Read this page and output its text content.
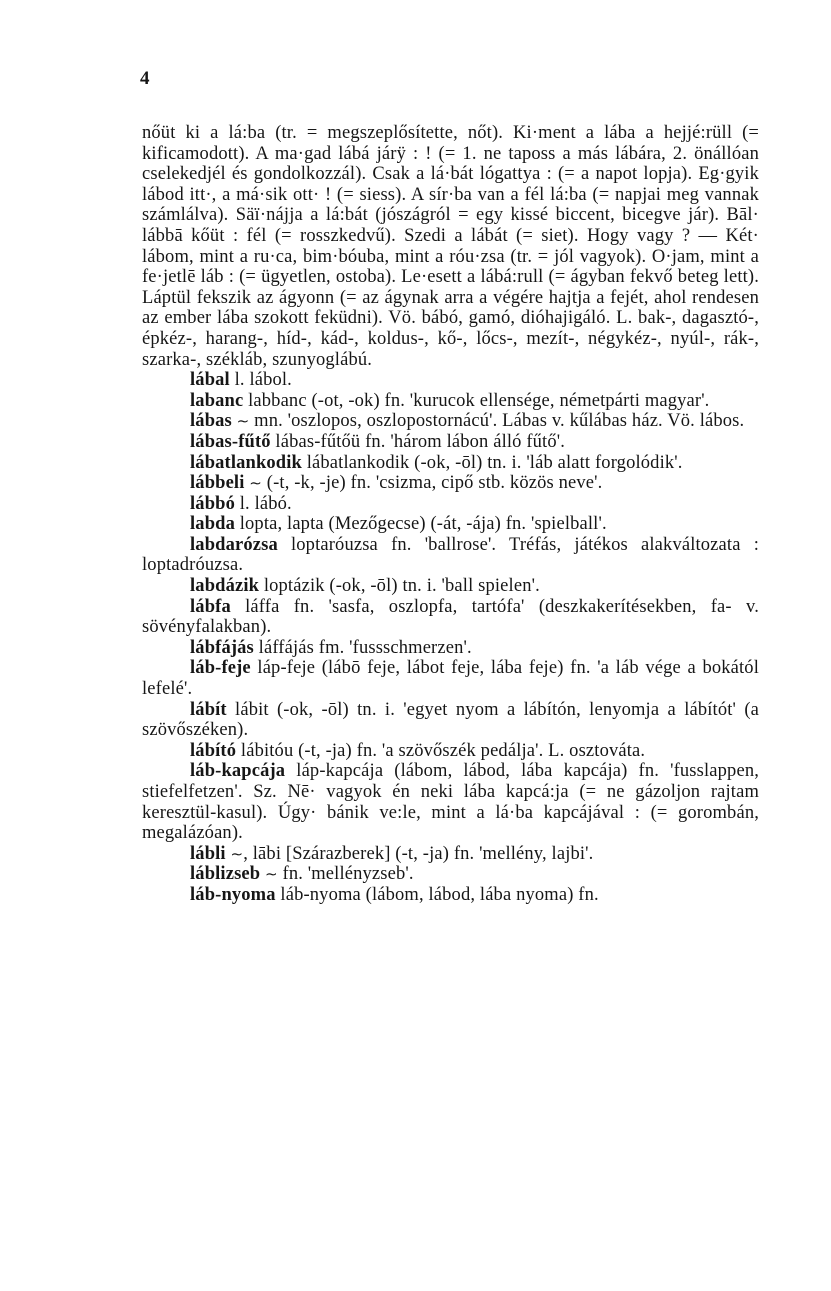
4

nőüt ki a lá:ba (tr. = megszeplősítette, nőt). Ki·ment a lába a hejjé:rüll (= kificamodott). A ma·gad lábá járÿ : ! (= 1. ne taposs a más lábára, 2. önállóan cselekedjél és gondolkozzál). Csak a lá·bát lógattya : (= a napot lopja). Eg·gyik lábod itt·, a má·sik ott· ! (= siess). A sír·ba van a fél lá:ba (= napjai meg vannak számlálva). Säï·nájja a lá:bát (jószágról = egy kissé biccent, bicegve jár). Bāl· lábbā kőüt : fél (= rosszkedvű). Szedi a lábát (= siet). Hogy vagy ? — Két· lábom, mint a ru·ca, bim·bóuba, mint a róu·zsa (tr. = jól vagyok). O·jam, mint a fe·jetlē láb : (= ügyetlen, ostoba). Le·esett a lábá:rull (= ágyban fekvő beteg lett). Láptül fekszik az ágyonn (= az ágynak arra a végére hajtja a fejét, ahol rendesen az ember lába szokott feküdni). Vö. bábó, gamó, dióhajigáló. L. bak-, dagasztó-, épkéz-, harang-, híd-, kád-, koldus-, kő-, lőcs-, mezít-, négykéz-, nyúl-, rák-, szarka-, székláb, szunyoglábú.

lábal l. lábol.

labanc labbanc (-ot, -ok) fn. 'kurucok ellensége, németpárti magyar'.

lábas ∼ mn. 'oszlopos, oszlopostornácú'. Lábas v. kűlábas ház. Vö. lábos.

lábas-fűtő lábas-fűtőü fn. 'három lábon álló fűtő'.

lábatlankodik lábatlankodik (-ok, -ōl) tn. i. 'láb alatt forgolódik'.

lábbeli ∼ (-t, -k, -je) fn. 'csizma, cipő stb. közös neve'.

lábbó l. lábó.

labda lopta, lapta (Mezőgecse) (-át, -ája) fn. 'spielball'.

labdarózsa loptaróuzsa fn. 'ballrose'. Tréfás, játékos alakváltozata : loptadróuzsa.

labdázik loptázik (-ok, -ōl) tn. i. 'ball spielen'.

lábfa láffa fn. 'sasfa, oszlopfa, tartófa' (deszkakerítésekben, fa- v. sövényfalakban).

lábfájás láffájás fm. 'fussschmerzen'.

láb-feje láp-feje (lábō feje, lábot feje, lába feje) fn. 'a láb vége a bokától lefelé'.

lábít lábit (-ok, -ōl) tn. i. 'egyet nyom a lábítón, lenyomja a lábítót' (a szövőszéken).

lábító lábitóu (-t, -ja) fn. 'a szövőszék pedálja'. L. osztováta.

láb-kapcája láp-kapcája (lábom, lábod, lába kapcája) fn. 'fusslappen, stiefelfetzen'. Sz. Nē· vagyok én neki lába kapcá:ja (= ne gázoljon rajtam keresztül-kasul). Úgy· bánik ve:le, mint a lá·ba kapcájával : (= gorombán, megalázóan).

lábli ∼, lābi [Szárazberek] (-t, -ja) fn. 'mellény, lajbi'.

láblizseb ∼ fn. 'mellényzseb'.

láb-nyoma láb-nyoma (lábom, lábod, lába nyoma) fn.
